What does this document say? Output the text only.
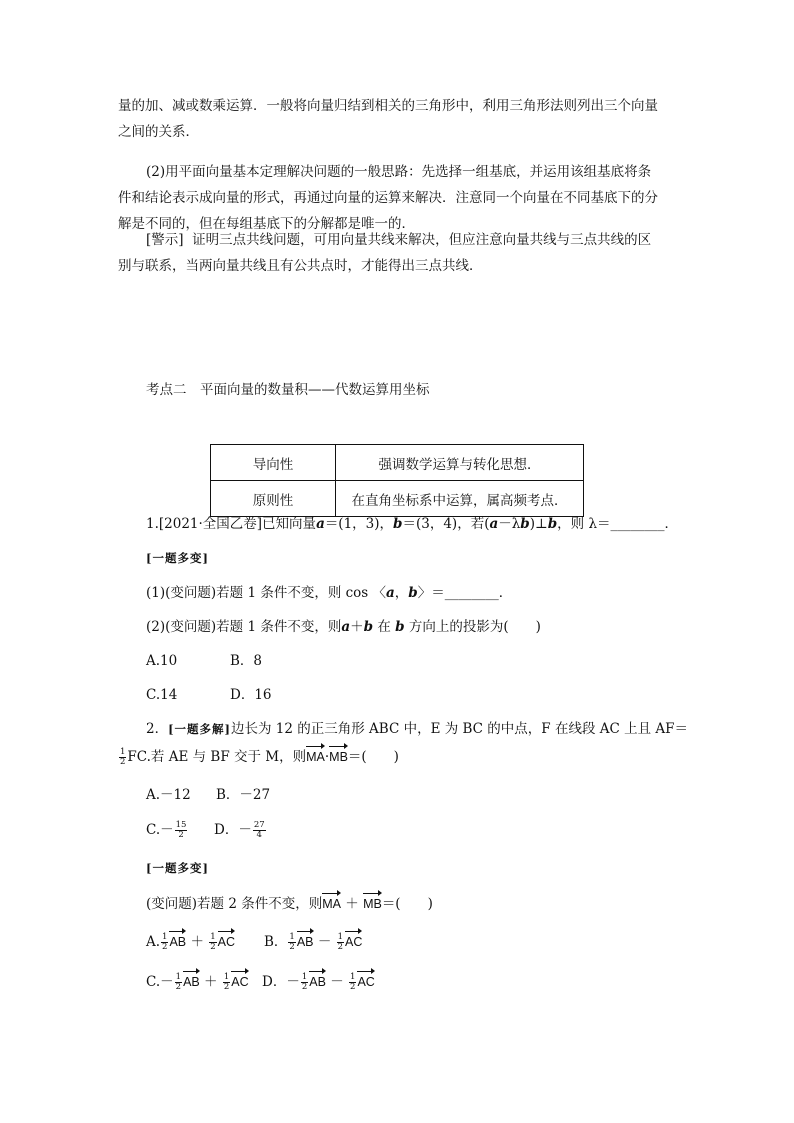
量的加、减或数乘运算．一般将向量归结到相关的三角形中，利用三角形法则列出三个向量
之间的关系．
(2)用平面向量基本定理解决问题的一般思路：先选择一组基底，并运用该组基底将条
件和结论表示成向量的形式，再通过向量的运算来解决．注意同一个向量在不同基底下的分
解是不同的，但在每组基底下的分解都是唯一的．
[警示] 证明三点共线问题，可用向量共线来解决，但应注意向量共线与三点共线的区
别与联系，当两向量共线且有公共点时，才能得出三点共线．
考点二　平面向量的数量积——代数运算用坐标
导向性	强调数学运算与转化思想．
原则性	在直角坐标系中运算，属高频考点．
1.[2021·全国乙卷]已知向量a＝(1，3)，b＝(3，4)，若(a－λb)⊥b，则 λ＝________．
[一题多变]
(1)(变问题)若题 1 条件不变，则 cos 〈a，b〉＝________．
(2)(变问题)若题 1 条件不变，则a＋b 在 b 方向上的投影为(　　)
A.10	B．8
C.14	D．16
2．[一题多解]边长为 12 的正三角形 ABC 中，E 为 BC 的中点，F 在线段 AC 上且 AF＝
$\frac{1}{2}$ FC.若 AE 与 BF 交于 M，则MA·MB＝(　　)
A.－12 B．－27
$C.- \frac{15}{2}$ D．－ $\frac{27}{4}$
[一题多变]
(变问题)若题 2 条件不变，则MA ＋ MB＝(　　)
A. $\frac{1}{2}$ AB ＋ $\frac{1}{2}$ AC B． $\frac{1}{2}$ AB － $\frac{1}{2}$ AC
$C.- \frac{1}{2}$ AB ＋ $\frac{1}{2}$ AC D．－ $\frac{1}{2}$ AB － $\frac{1}{2}$ AC
